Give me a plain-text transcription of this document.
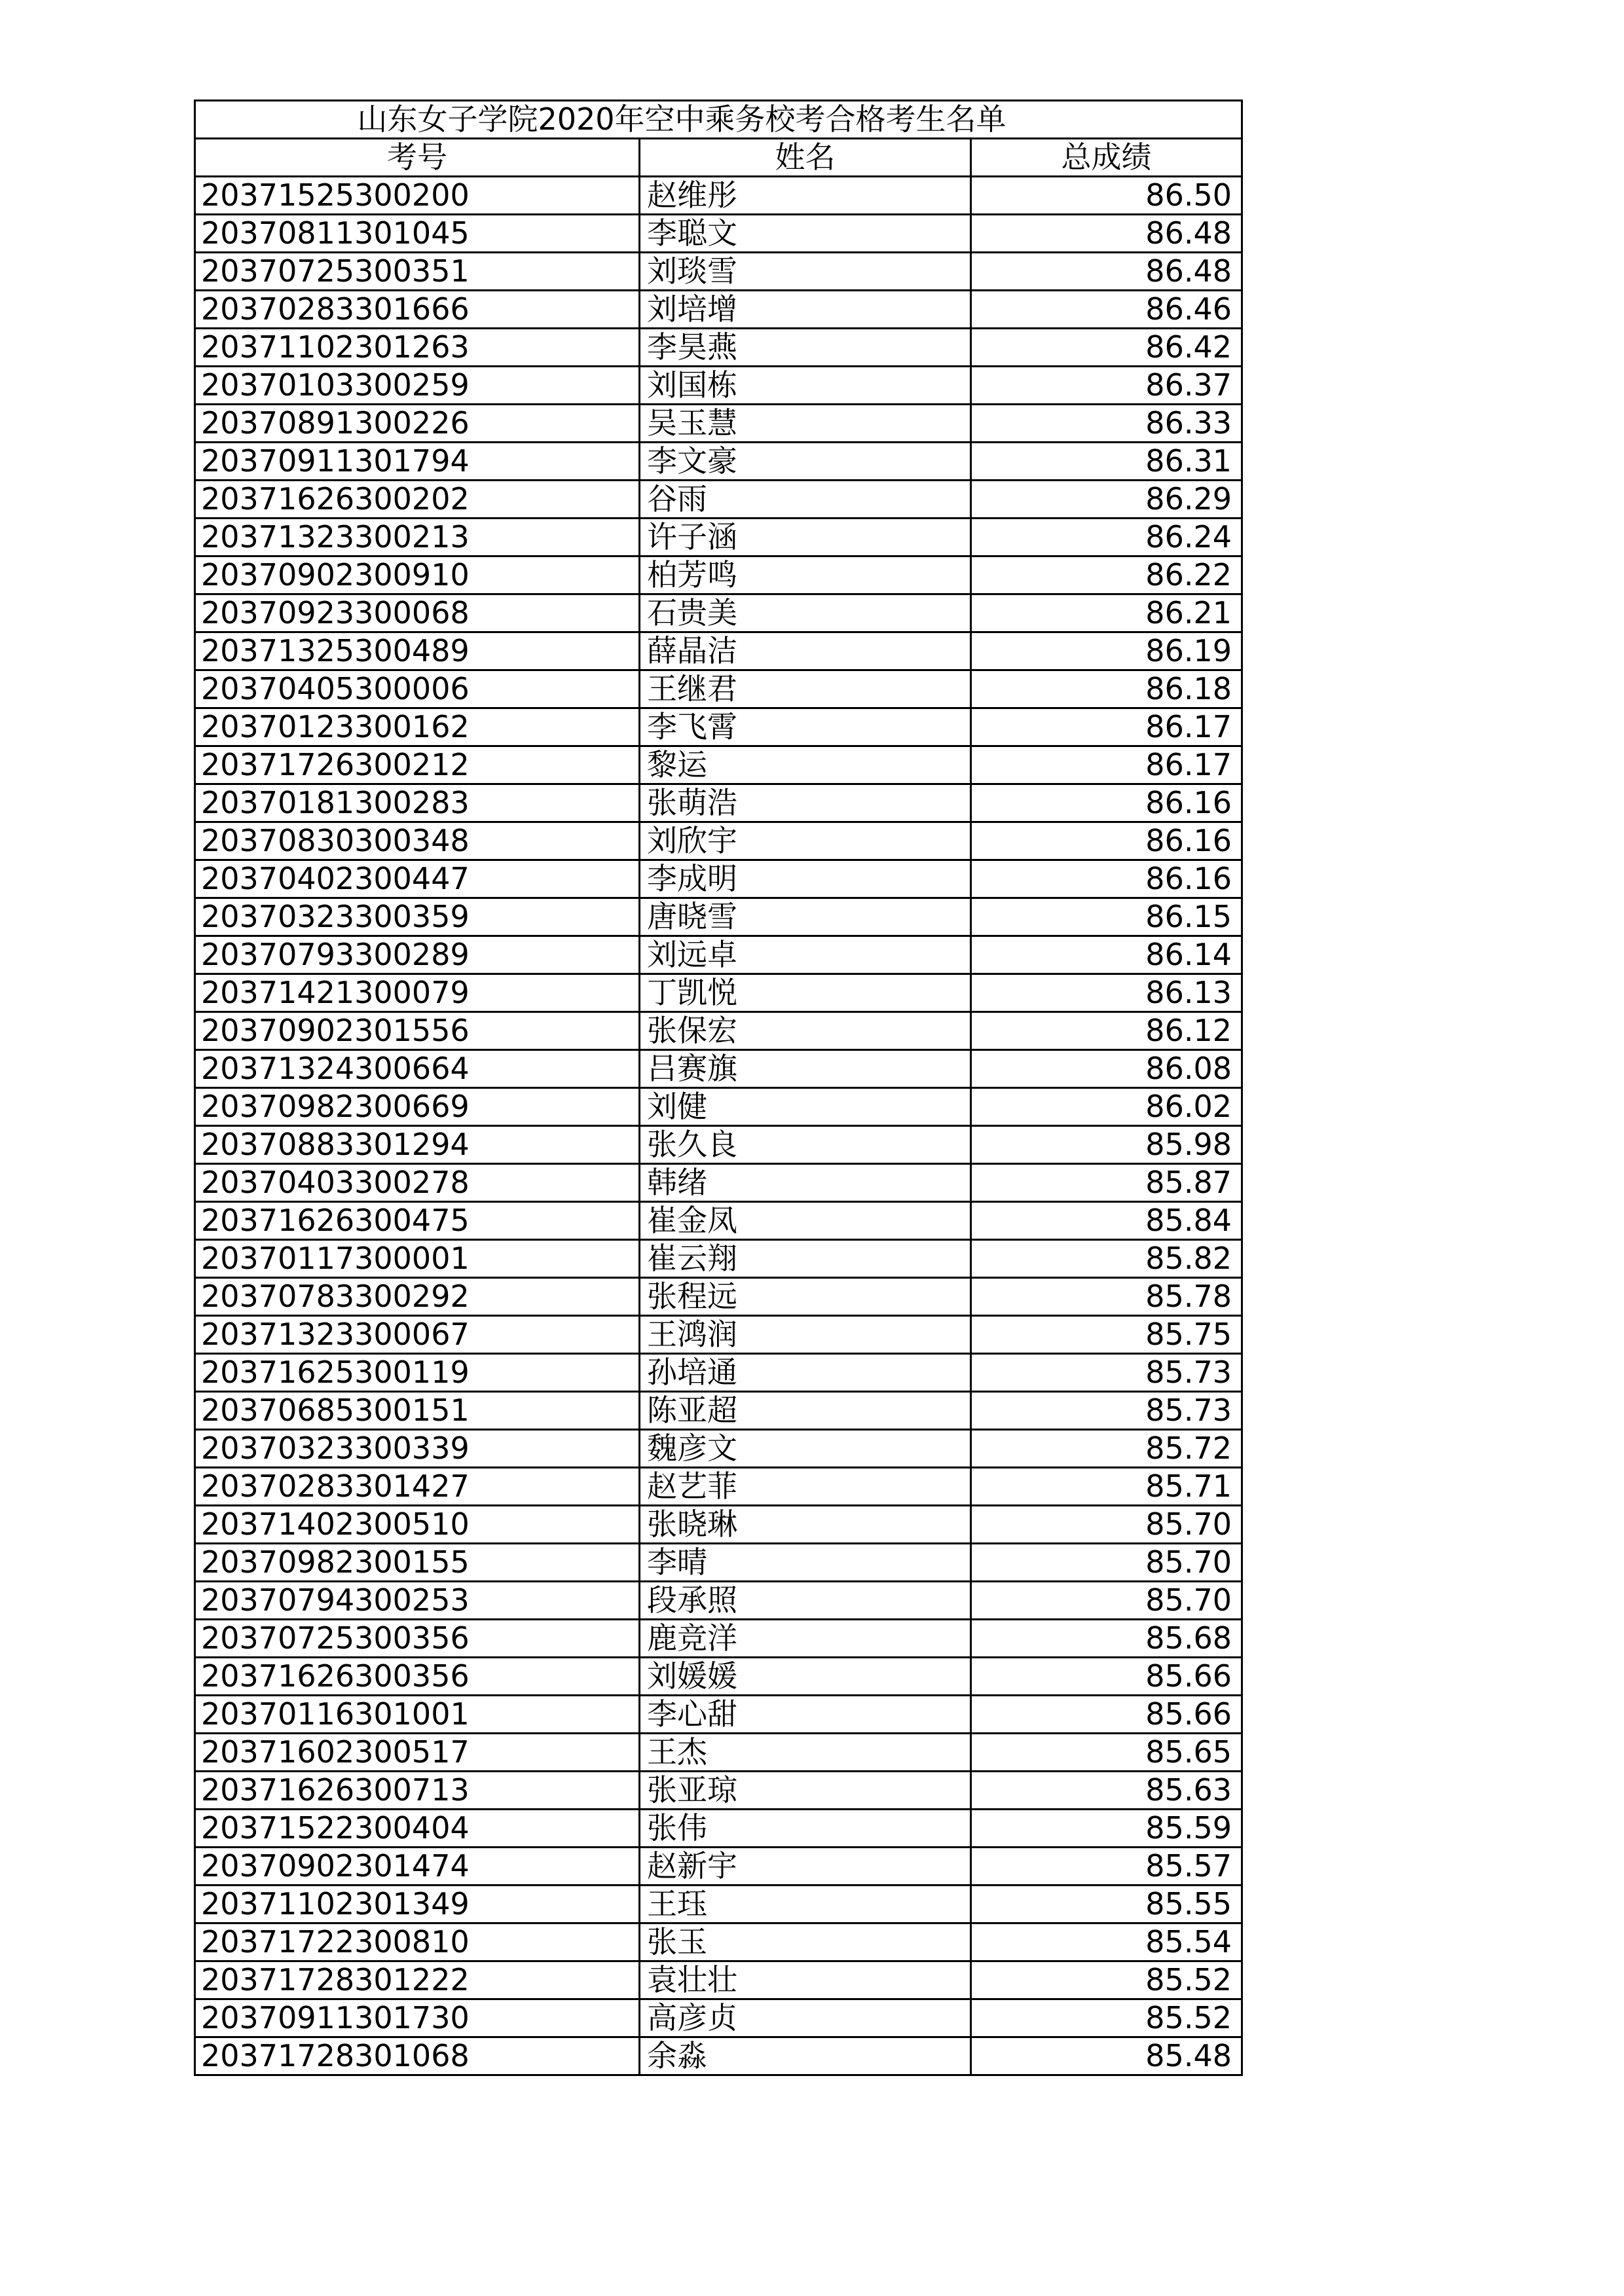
山东女子学院2020年空中乘务校考合格考生名单		
考号	姓名	总成绩
20371525300200	赵维彤	86.50
20370811301045	李聪文	86.48
20370725300351	刘琰雪	86.48
20370283301666	刘培增	86.46
20371102301263	李昊燕	86.42
20370103300259	刘国栋	86.37
20370891300226	吴玉慧	86.33
20370911301794	李文豪	86.31
20371626300202	谷雨	86.29
20371323300213	许子涵	86.24
20370902300910	柏芳鸣	86.22
20370923300068	石贵美	86.21
20371325300489	薛晶洁	86.19
20370405300006	王继君	86.18
20370123300162	李飞霄	86.17
20371726300212	黎运	86.17
20370181300283	张萌浩	86.16
20370830300348	刘欣宇	86.16
20370402300447	李成明	86.16
20370323300359	唐晓雪	86.15
20370793300289	刘远卓	86.14
20371421300079	丁凯悦	86.13
20370902301556	张保宏	86.12
20371324300664	吕赛旗	86.08
20370982300669	刘健	86.02
20370883301294	张久良	85.98
20370403300278	韩绪	85.87
20371626300475	崔金凤	85.84
20370117300001	崔云翔	85.82
20370783300292	张程远	85.78
20371323300067	王鸿润	85.75
20371625300119	孙培通	85.73
20370685300151	陈亚超	85.73
20370323300339	魏彦文	85.72
20370283301427	赵艺菲	85.71
20371402300510	张晓琳	85.70
20370982300155	李晴	85.70
20370794300253	段承照	85.70
20370725300356	鹿竞洋	85.68
20371626300356	刘媛媛	85.66
20370116301001	李心甜	85.66
20371602300517	王杰	85.65
20371626300713	张亚琼	85.63
20371522300404	张伟	85.59
20370902301474	赵新宇	85.57
20371102301349	王珏	85.55
20371722300810	张玉	85.54
20371728301222	袁壮壮	85.52
20370911301730	高彦贞	85.52
20371728301068	余淼	85.48
